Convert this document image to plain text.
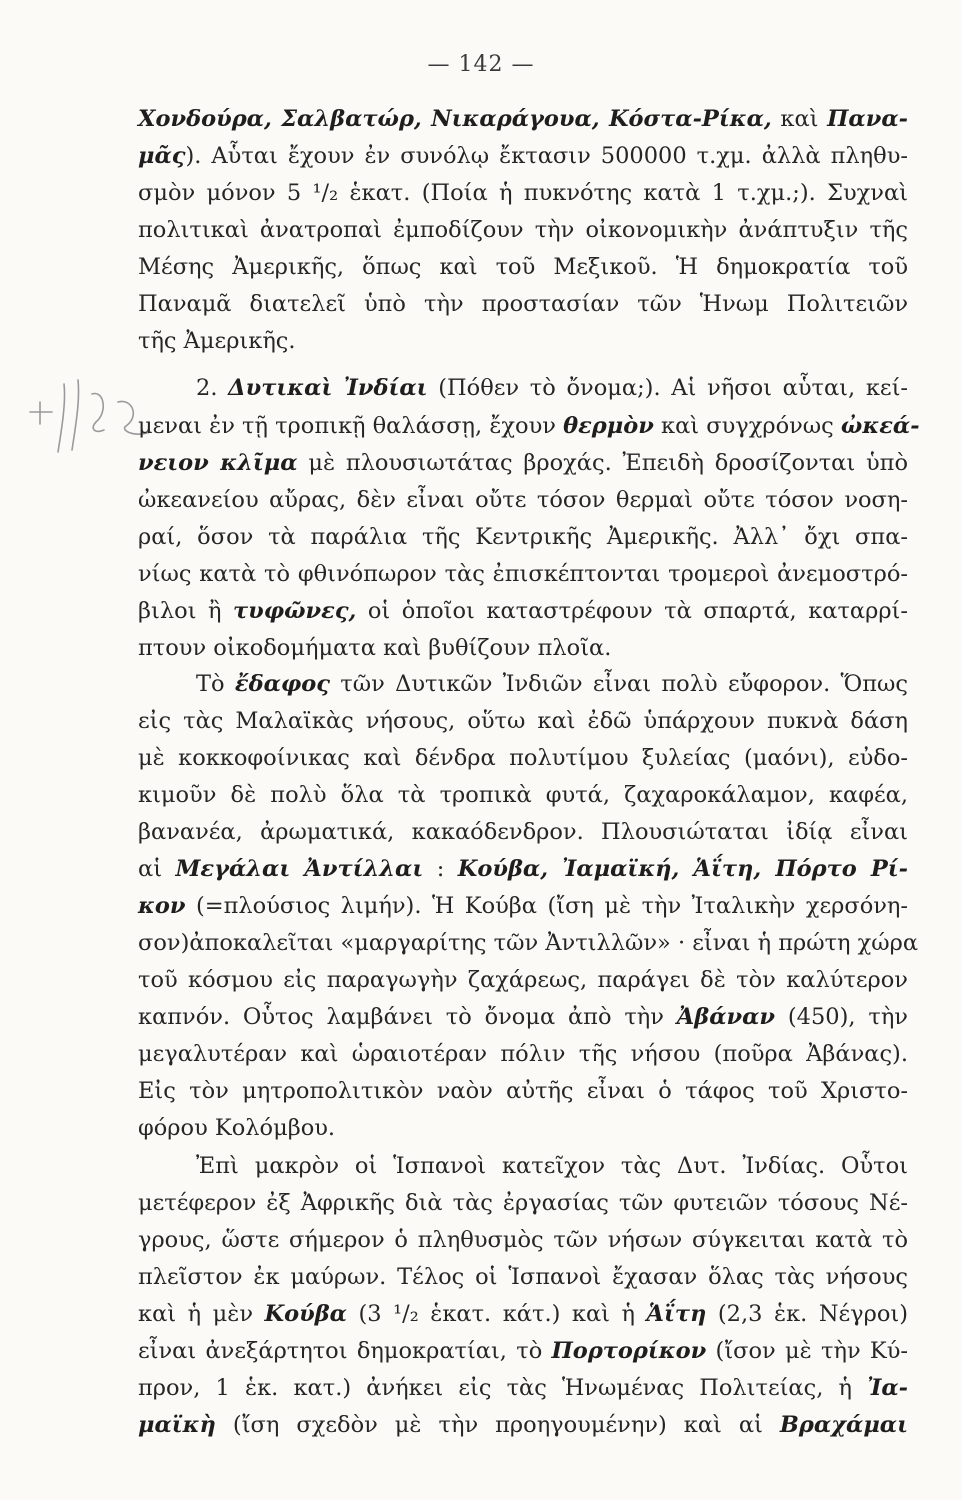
— 142 —
Χονδούρα, Σαλβατώρ, Νικαράγουα, Κόστα-Ρίκα, καὶ Πανα-
μᾶς). Αὗται ἔχουν ἐν συνόλῳ ἔκτασιν 500000 τ.χμ. ἀλλὰ πληθυ-
σμὸν μόνον 5 ¹/₂ ἑκατ. (Ποία ἡ πυκνότης κατὰ 1 τ.χμ.;). Συχναὶ
πολιτικαὶ ἀνατροπαὶ ἐμποδίζουν τὴν οἰκονομικὴν ἀνάπτυξιν τῆς
Μέσης Ἀμερικῆς, ὅπως καὶ τοῦ Μεξικοῦ. Ἡ δημοκρατία τοῦ
Παναμᾶ διατελεῖ ὑπὸ τὴν προστασίαν τῶν Ἡνωμ Πολιτειῶν
τῆς Ἀμερικῆς.
2. Δυτικαὶ Ἰνδίαι (Πόθεν τὸ ὄνομα;). Αἱ νῆσοι αὗται, κεί-
μεναι ἐν τῇ τροπικῇ θαλάσσῃ, ἔχουν θερμὸν καὶ συγχρόνως ὠκεά-
νειον κλῖμα μὲ πλουσιωτάτας βροχάς. Ἐπειδὴ δροσίζονται ὑπὸ
ὠκεανείου αὔρας, δὲν εἶναι οὔτε τόσον θερμαὶ οὔτε τόσον νοση-
ραί, ὅσον τὰ παράλια τῆς Κεντρικῆς Ἀμερικῆς. Ἀλλ᾽ ὄχι σπα-
νίως κατὰ τὸ φθινόπωρον τὰς ἐπισκέπτονται τρομεροὶ ἀνεμοστρό-
βιλοι ἢ τυφῶνες, οἱ ὁποῖοι καταστρέφουν τὰ σπαρτά, καταρρί-
πτουν οἰκοδομήματα καὶ βυθίζουν πλοῖα.
Τὸ ἔδαφος τῶν Δυτικῶν Ἰνδιῶν εἶναι πολὺ εὔφορον. Ὅπως
εἰς τὰς Μαλαϊκὰς νήσους, οὕτω καὶ ἐδῶ ὑπάρχουν πυκνὰ δάση
μὲ κοκκοφοίνικας καὶ δένδρα πολυτίμου ξυλείας (μαόνι), εὐδο-
κιμοῦν δὲ πολὺ ὅλα τὰ τροπικὰ φυτά, ζαχαροκάλαμον, καφέα,
βανανέα, ἀρωματικά, κακαόδενδρον. Πλουσιώταται ἰδίᾳ εἶναι
αἱ Μεγάλαι Ἀντίλλαι : Κούβα, Ἰαμαϊκή, Ἁΐτη, Πόρτο Ρί-
κον (=πλούσιος λιμήν). Ἡ Κούβα (ἴση μὲ τὴν Ἰταλικὴν χερσόνη-
σον)ἀποκαλεῖται «μαργαρίτης τῶν Ἀντιλλῶν» · εἶναι ἡ πρώτη χώρα
τοῦ κόσμου εἰς παραγωγὴν ζαχάρεως, παράγει δὲ τὸν καλύτερον
καπνόν. Οὗτος λαμβάνει τὸ ὄνομα ἀπὸ τὴν Ἀβάναν (450), τὴν
μεγαλυτέραν καὶ ὡραιοτέραν πόλιν τῆς νήσου (ποῦρα Ἀβάνας).
Εἰς τὸν μητροπολιτικὸν ναὸν αὐτῆς εἶναι ὁ τάφος τοῦ Χριστο-
φόρου Κολόμβου.
Ἐπὶ μακρὸν οἱ Ἱσπανοὶ κατεῖχον τὰς Δυτ. Ἰνδίας. Οὗτοι
μετέφερον ἐξ Ἀφρικῆς διὰ τὰς ἐργασίας τῶν φυτειῶν τόσους Νέ-
γρους, ὥστε σήμερον ὁ πληθυσμὸς τῶν νήσων σύγκειται κατὰ τὸ
πλεῖστον ἐκ μαύρων. Τέλος οἱ Ἱσπανοὶ ἔχασαν ὅλας τὰς νήσους
καὶ ἡ μὲν Κούβα (3 ¹/₂ ἑκατ. κάτ.) καὶ ἡ Ἁΐτη (2,3 ἑκ. Νέγροι)
εἶναι ἀνεξάρτητοι δημοκρατίαι, τὸ Πορτορίκον (ἴσον μὲ τὴν Κύ-
προν, 1 ἑκ. κατ.) ἀνήκει εἰς τὰς Ἡνωμένας Πολιτείας, ἡ Ἰα-
μαϊκὴ (ἴση σχεδὸν μὲ τὴν προηγουμένην) καὶ αἱ Βραχάμαι
